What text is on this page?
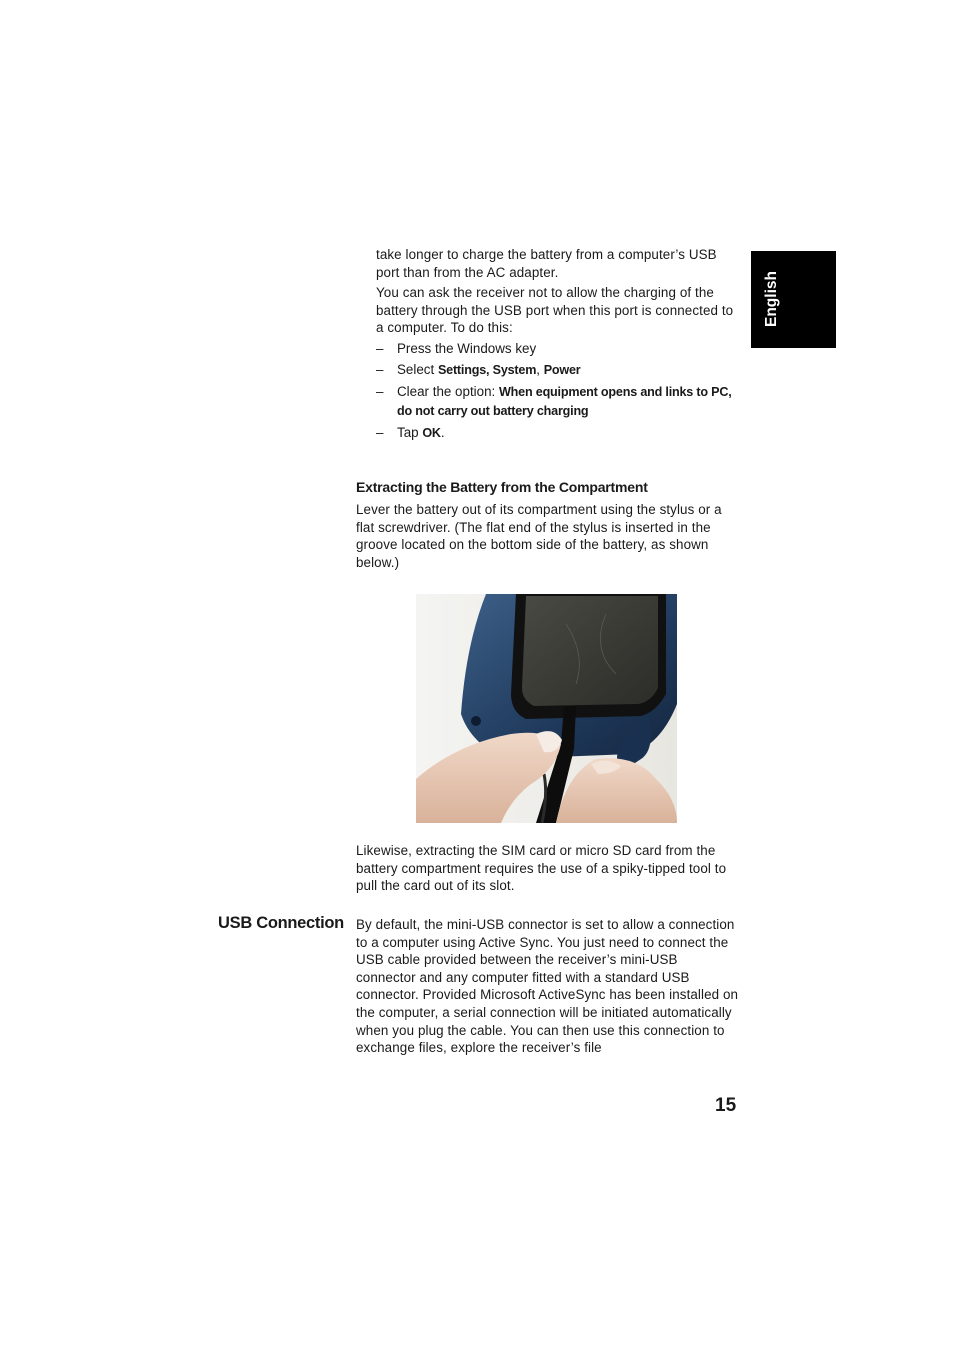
English

take longer to charge the battery from a computer’s USB port than from the AC adapter.

You can ask the receiver not to allow the charging of the battery through the USB port when this port is connected to a computer. To do this:

– Press the Windows key
– Select Settings, System, Power
– Clear the option: When equipment opens and links to PC, do not carry out battery charging
– Tap OK.
Extracting the Battery from the Compartment

Lever the battery out of its compartment using the stylus or a flat screwdriver. (The flat end of the stylus is inserted in the groove located on the bottom side of the battery, as shown below.)

Likewise, extracting the SIM card or micro SD card from the battery compartment requires the use of a spiky-tipped tool to pull the card out of its slot.

USB Connection By default, the mini-USB connector is set to allow a connection to a computer using Active Sync. You just need to connect the USB cable provided between the receiver’s mini-USB connector and any computer fitted with a standard USB connector. Provided Microsoft ActiveSync has been installed on the computer, a serial connection will be initiated automatically when you plug the cable. You can then use this connection to exchange files, explore the receiver’s file

15
